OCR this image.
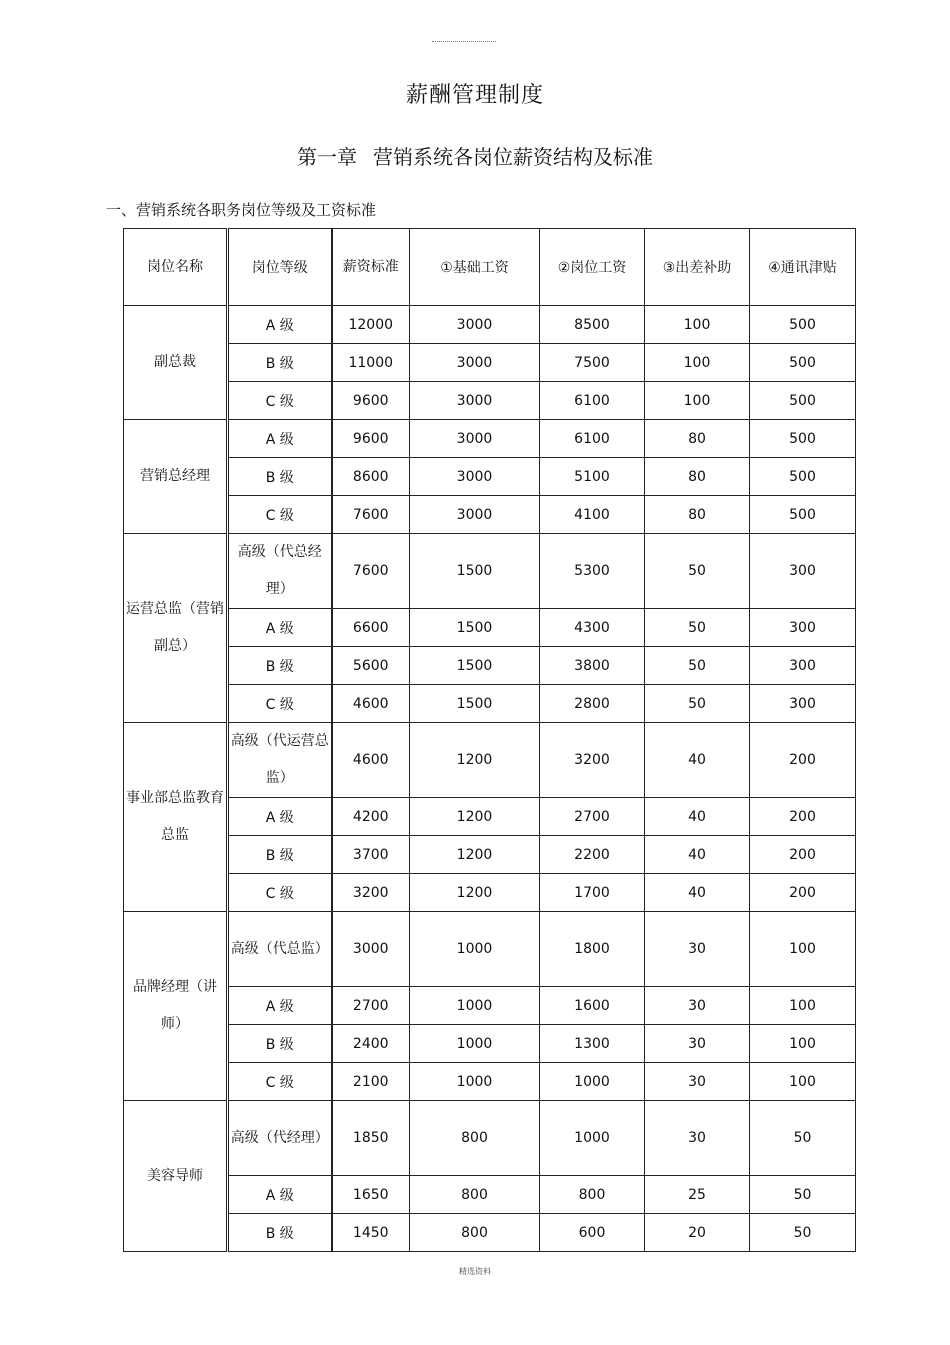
薪酬管理制度
第一章 营销系统各岗位薪资结构及标准
一、营销系统各职务岗位等级及工资标准
岗位名称	岗位等级	薪资标准	①基础工资	②岗位工资	③出差补助	④通讯津贴
副总裁	A 级	12000	3000	8500	100	500
	B 级	11000	3000	7500	100	500
	C 级	9600	3000	6100	100	500
营销总经理	A 级	9600	3000	6100	80	500
	B 级	8600	3000	5100	80	500
	C 级	7600	3000	4100	80	500
运营总监（营销副总）	高级（代总经理）	7600	1500	5300	50	300
	A 级	6600	1500	4300	50	300
	B 级	5600	1500	3800	50	300
	C 级	4600	1500	2800	50	300
事业部总监教育总监	高级（代运营总监）	4600	1200	3200	40	200
	A 级	4200	1200	2700	40	200
	B 级	3700	1200	2200	40	200
	C 级	3200	1200	1700	40	200
品牌经理（讲师）	高级（代总监）	3000	1000	1800	30	100
	A 级	2700	1000	1600	30	100
	B 级	2400	1000	1300	30	100
	C 级	2100	1000	1000	30	100
美容导师	高级（代经理）	1850	800	1000	30	50
	A 级	1650	800	800	25	50
	B 级	1450	800	600	20	50
精选资料
